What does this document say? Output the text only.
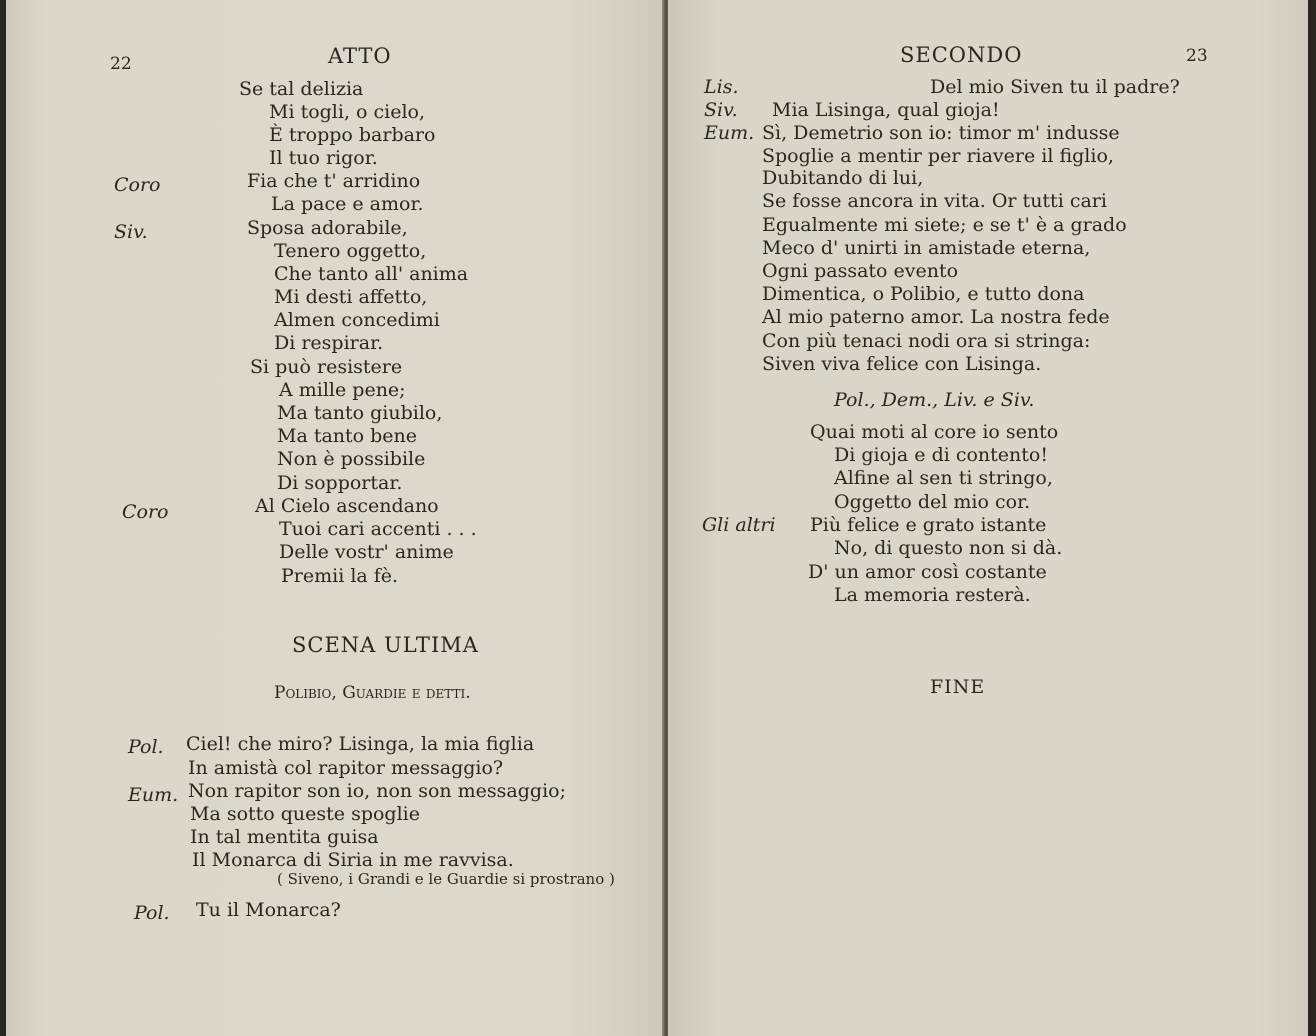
22	ATTO
Se tal delizia
Mi togli, o cielo,
È troppo barbaro
Il tuo rigor.
Coro	Fia che t' arridino
La pace e amor.
Siv.	Sposa adorabile,
Tenero oggetto,
Che tanto all' anima
Mi desti affetto,
Almen concedimi
Di respirar.
Si può resistere
A mille pene;
Ma tanto giubilo,
Ma tanto bene
Non è possibile
Di sopportar.
Coro	Al Cielo ascendano
Tuoi cari accenti . . .
Delle vostr' anime
Premii la fè.
SCENA ULTIMA
Polibio, Guardie e detti.
Pol. Ciel! che miro? Lisinga, la mia figlia
In amistà col rapitor messaggio?
Eum. Non rapitor son io, non son messaggio;
Ma sotto queste spoglie
In tal mentita guisa
Il Monarca di Siria in me ravvisa.
( Siveno, i Grandi e le Guardie si prostrano )
Pol. Tu il Monarca?
SECONDO	23
Lis.	Del mio Siven tu il padre?
Siv. Mia Lisinga, qual gioja!
Eum. Sì, Demetrio son io: timor m' indusse
Spoglie a mentir per riavere il figlio,
Dubitando di lui,
Se fosse ancora in vita. Or tutti cari
Egualmente mi siete; e se t' è a grado
Meco d' unirti in amistade eterna,
Ogni passato evento
Dimentica, o Polibio, e tutto dona
Al mio paterno amor. La nostra fede
Con più tenaci nodi ora si stringa:
Siven viva felice con Lisinga.
Pol., Dem., Liv. e Siv.
Quai moti al core io sento
Di gioja e di contento!
Alfine al sen ti stringo,
Oggetto del mio cor.
Gli altri Più felice e grato istante
No, di questo non si dà.
D' un amor così costante
La memoria resterà.
FINE
